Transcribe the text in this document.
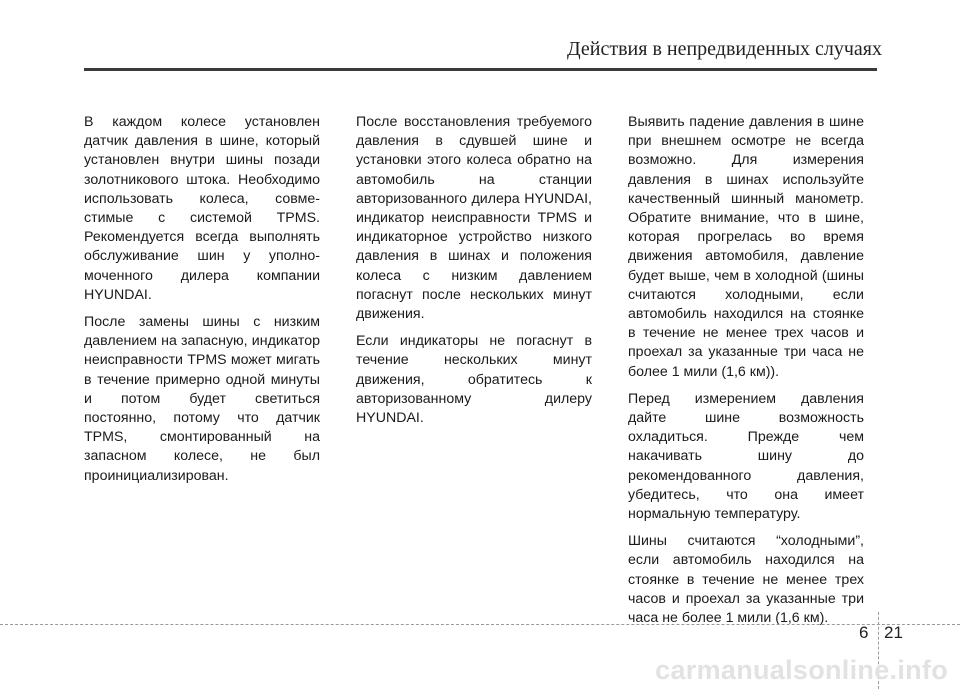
Действия в непредвиденных случаях

В каждом колесе установлен датчик давления в шине, который установлен внутри шины позади золотникового штока. Необходимо использовать колеса, совме-стимые с системой TPMS. Рекомендуется всегда выполнять обслуживание шин у уполно-моченного дилера компании HYUNDAI.

После замены шины с низким давлением на запасную, индикатор неисправности TPMS может мигать в течение примерно одной минуты и потом будет светиться постоянно, потому что датчик TPMS, смонтированный на запасном колесе, не был проинициализирован.

После восстановления требуемого давления в сдувшей шине и установки этого колеса обратно на автомобиль на станции авторизованного дилера HYUNDAI, индикатор неисправности TPMS и индикаторное устройство низкого давления в шинах и положения колеса с низким давлением погаснут после нескольких минут движения.

Если индикаторы не погаснут в течение нескольких минут движения, обратитесь к авторизованному дилеру HYUNDAI.

Выявить падение давления в шине при внешнем осмотре не всегда возможно. Для измерения давления в шинах используйте качественный шинный манометр. Обратите внимание, что в шине, которая прогрелась во время движения автомобиля, давление будет выше, чем в холодной (шины считаются холодными, если автомобиль находился на стоянке в течение не менее трех часов и проехал за указанные три часа не более 1 мили (1,6 км)).

Перед измерением давления дайте шине возможность охладиться. Прежде чем накачивать шину до рекомендованного давления, убедитесь, что она имеет нормальную температуру.

Шины считаются “холодными”, если автомобиль находился на стоянке в течение не менее трех часов и проехал за указанные три часа не более 1 мили (1,6 км).

6 21
carmanualsonline.info
